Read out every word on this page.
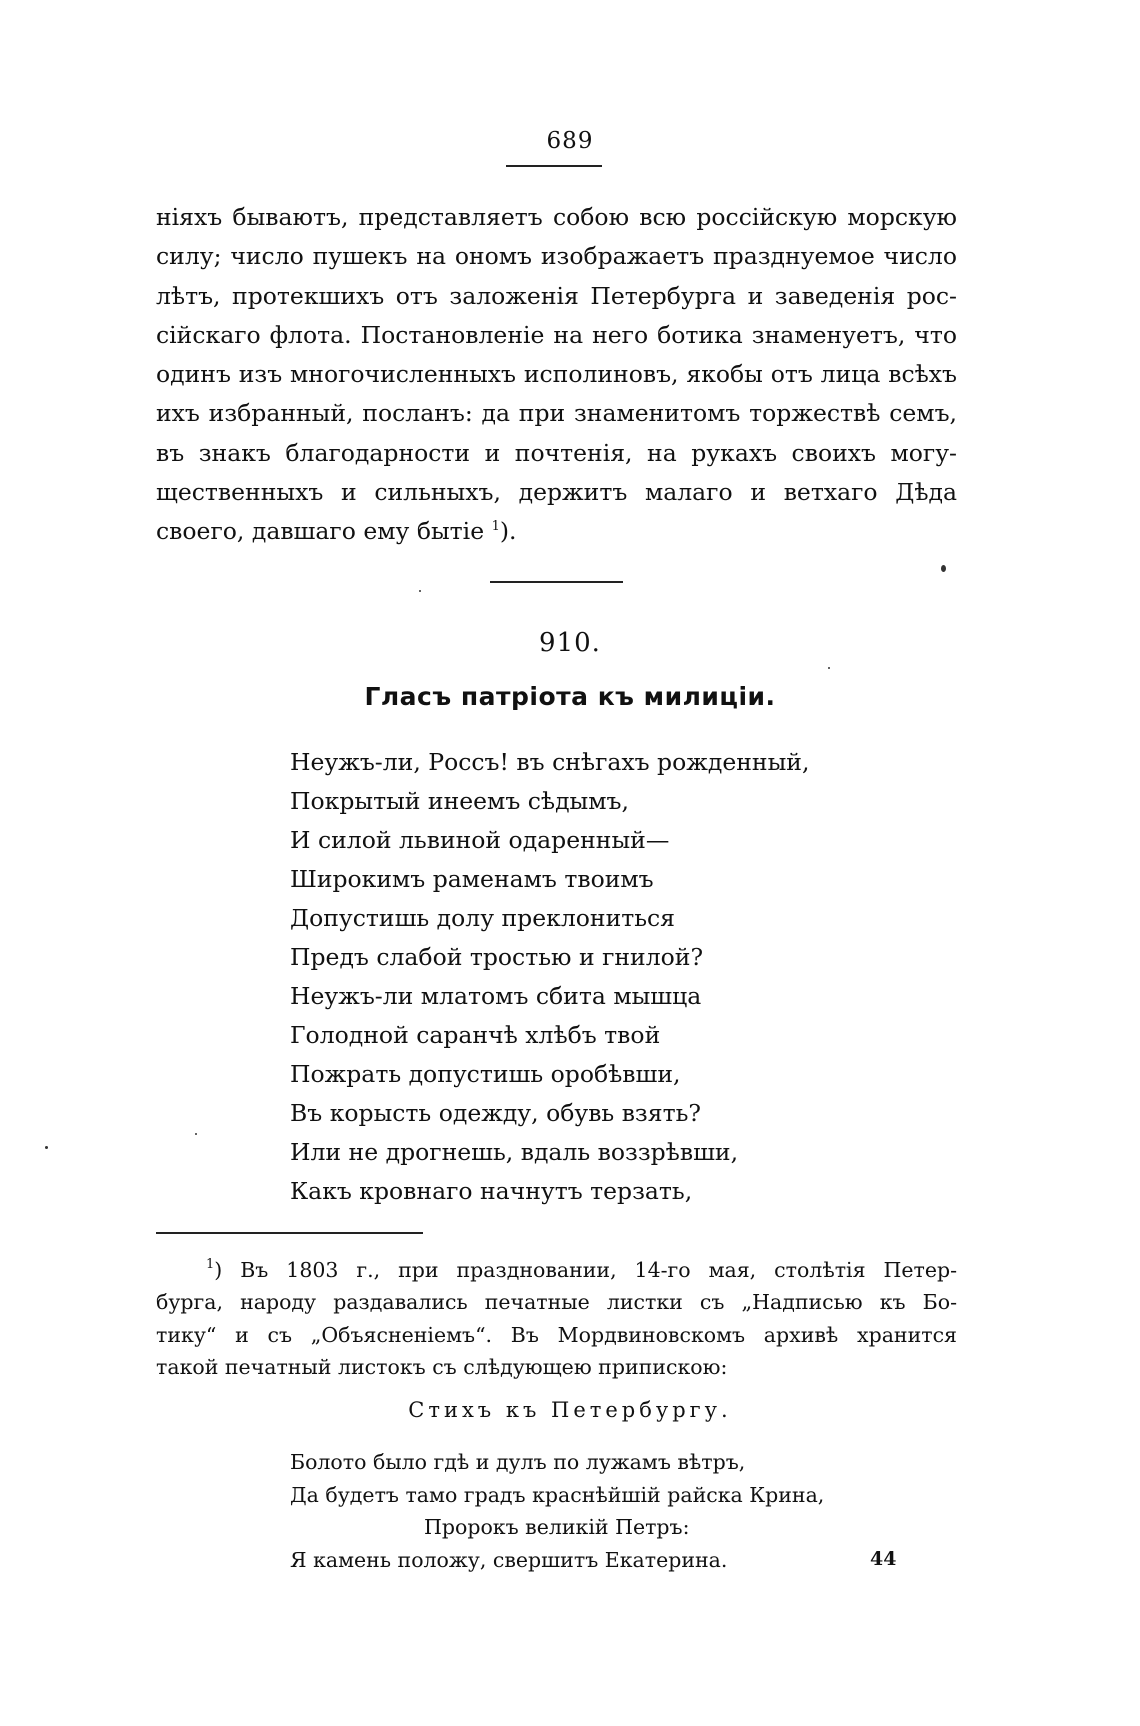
689
ніяхъ бываютъ, представляетъ собою всю россійскую морскую
силу; число пушекъ на ономъ изображаетъ празднуемое число
лѣтъ, протекшихъ отъ заложенія Петербурга и заведенія рос-
сійскаго флота. Постановленіе на него ботика знаменуетъ, что
одинъ изъ многочисленныхъ исполиновъ, якобы отъ лица всѣхъ
ихъ избранный, посланъ: да при знаменитомъ торжествѣ семъ,
въ знакъ благодарности и почтенія, на рукахъ своихъ могу-
щественныхъ и сильныхъ, держитъ малаго и ветхаго Дѣда
своего, давшаго ему бытіе $^1$).
910.
Гласъ патріота къ милиціи.
Неужъ-ли, Россъ! въ снѣгахъ рожденный,
Покрытый инеемъ сѣдымъ,
И силой львиной одаренный—
Широкимъ раменамъ твоимъ
Допустишь долу преклониться
Предъ слабой тростью и гнилой?
Неужъ-ли млатомъ сбита мышца
Голодной саранчѣ хлѣбъ твой
Пожрать допустишь оробѣвши,
Въ корысть одежду, обувь взять?
Или не дрогнешь, вдаль воззрѣвши,
Какъ кровнаго начнутъ терзать,
$^1$) Въ 1803 г., при праздновании, 14-го мая, столѣтія Петер-
бурга, народу раздавались печатные листки съ „Надписью къ Бо-
тику“ и съ „Объясненіемъ“. Въ Мордвиновскомъ архивѣ хранится
такой печатный листокъ съ слѣдующею припискою:
Стихъ къ Петербургу.
Болото было гдѣ и дулъ по лужамъ вѣтръ,
Да будетъ тамо градъ краснѣйшій райска Крина,
Пророкъ великій Петръ:
Я камень положу, свершитъ Екатерина.	44
